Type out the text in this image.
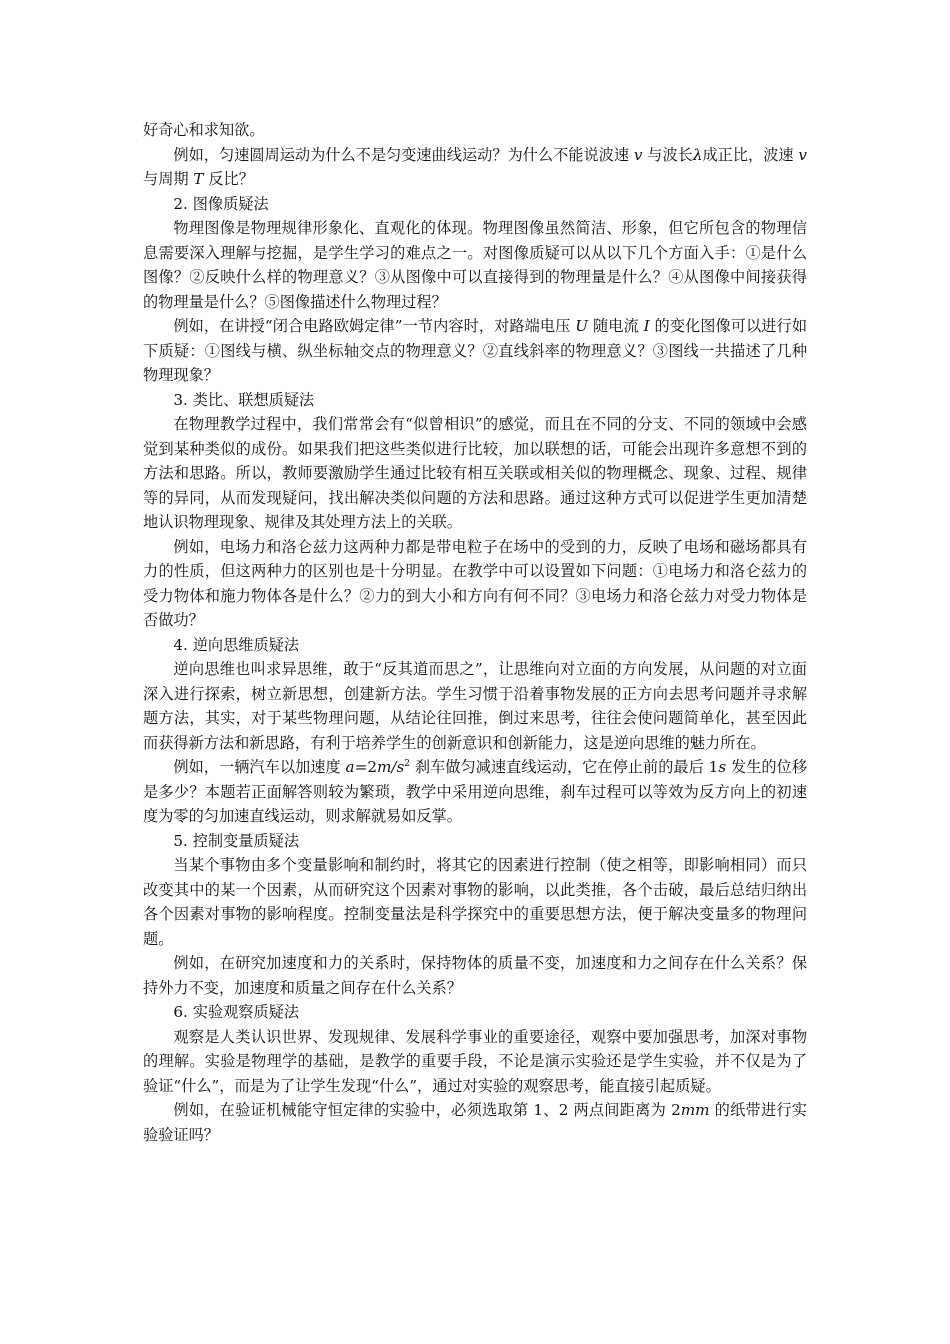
好奇心和求知欲。

例如，匀速圆周运动为什么不是匀变速曲线运动？为什么不能说波速 v 与波长λ成正比，波速 v 与周期 T 反比？

2. 图像质疑法

物理图像是物理规律形象化、直观化的体现。物理图像虽然简洁、形象，但它所包含的物理信息需要深入理解与挖掘，是学生学习的难点之一。对图像质疑可以从以下几个方面入手：①是什么图像？②反映什么样的物理意义？③从图像中可以直接得到的物理量是什么？④从图像中间接获得的物理量是什么？⑤图像描述什么物理过程？

例如，在讲授“闭合电路欧姆定律”一节内容时，对路端电压 U 随电流 I 的变化图像可以进行如下质疑：①图线与横、纵坐标轴交点的物理意义？②直线斜率的物理意义？③图线一共描述了几种物理现象？

3. 类比、联想质疑法

在物理教学过程中，我们常常会有“似曾相识”的感觉，而且在不同的分支、不同的领域中会感觉到某种类似的成份。如果我们把这些类似进行比较，加以联想的话，可能会出现许多意想不到的方法和思路。所以，教师要激励学生通过比较有相互关联或相关似的物理概念、现象、过程、规律等的异同，从而发现疑问，找出解决类似问题的方法和思路。通过这种方式可以促进学生更加清楚地认识物理现象、规律及其处理方法上的关联。

例如，电场力和洛仑兹力这两种力都是带电粒子在场中的受到的力，反映了电场和磁场都具有力的性质，但这两种力的区别也是十分明显。在教学中可以设置如下问题：①电场力和洛仑兹力的受力物体和施力物体各是什么？②力的到大小和方向有何不同？③电场力和洛仑兹力对受力物体是否做功？

4. 逆向思维质疑法

逆向思维也叫求异思维，敢于“反其道而思之”，让思维向对立面的方向发展，从问题的对立面深入进行探索，树立新思想，创建新方法。学生习惯于沿着事物发展的正方向去思考问题并寻求解题方法，其实，对于某些物理问题，从结论往回推，倒过来思考，往往会使问题简单化，甚至因此而获得新方法和新思路，有利于培养学生的创新意识和创新能力，这是逆向思维的魅力所在。

例如，一辆汽车以加速度 $a=2m/s^2$ 刹车做匀减速直线运动，它在停止前的最后 1s 发生的位移是多少？本题若正面解答则较为繁琐，教学中采用逆向思维，刹车过程可以等效为反方向上的初速度为零的匀加速直线运动，则求解就易如反掌。

5. 控制变量质疑法

当某个事物由多个变量影响和制约时，将其它的因素进行控制（使之相等，即影响相同）而只改变其中的某一个因素，从而研究这个因素对事物的影响，以此类推，各个击破，最后总结归纳出各个因素对事物的影响程度。控制变量法是科学探究中的重要思想方法，便于解决变量多的物理问题。

例如，在研究加速度和力的关系时，保持物体的质量不变，加速度和力之间存在什么关系？保持外力不变，加速度和质量之间存在什么关系？

6. 实验观察质疑法

观察是人类认识世界、发现规律、发展科学事业的重要途径，观察中要加强思考，加深对事物的理解。实验是物理学的基础，是教学的重要手段，不论是演示实验还是学生实验，并不仅是为了验证“什么”，而是为了让学生发现“什么”，通过对实验的观察思考，能直接引起质疑。

例如，在验证机械能守恒定律的实验中，必须选取第 1、2 两点间距离为 2mm 的纸带进行实验验证吗？
